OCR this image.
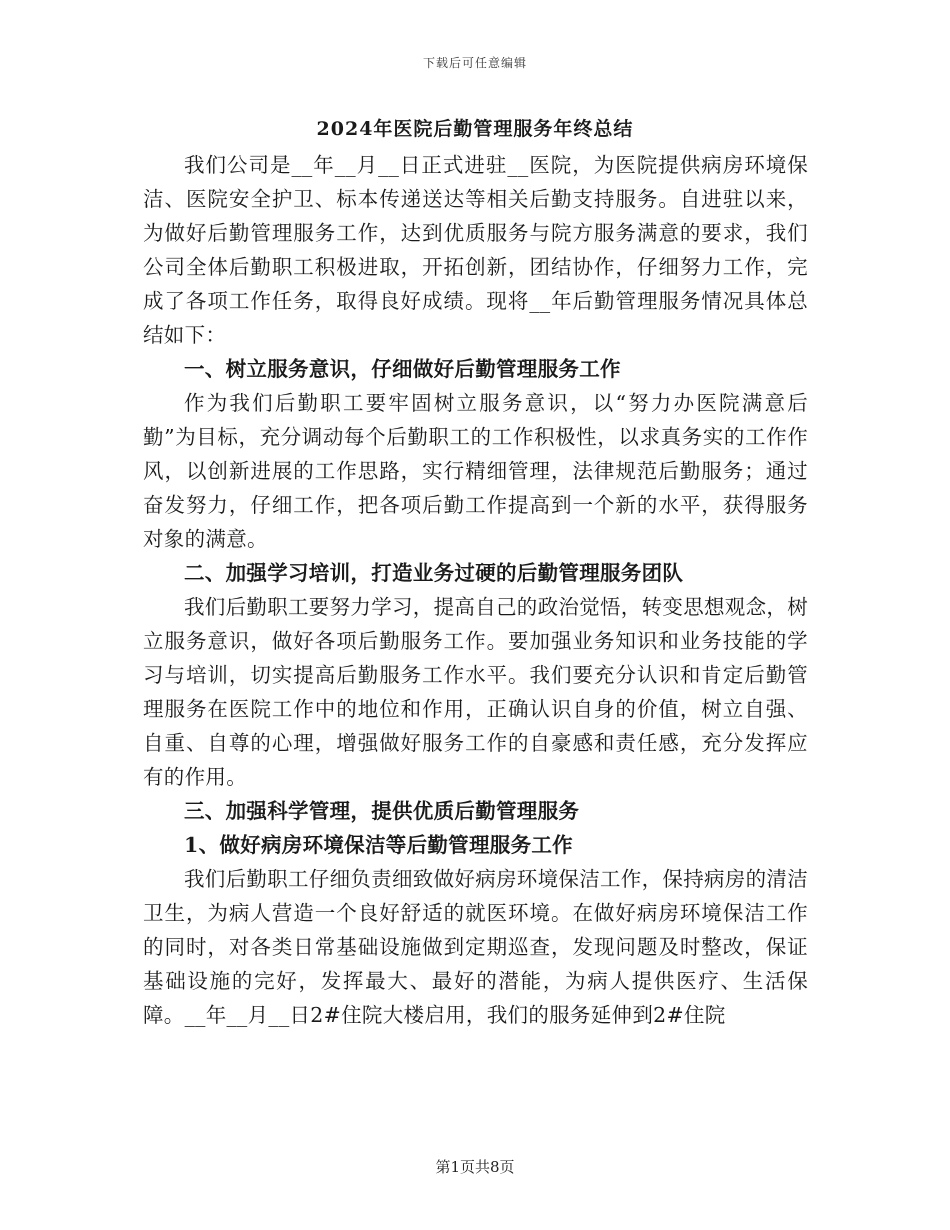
下载后可任意编辑
2024年医院后勤管理服务年终总结

我们公司是__年__月__日正式进驻__医院，为医院提供病房环境保洁、医院安全护卫、标本传递送达等相关后勤支持服务。自进驻以来，为做好后勤管理服务工作，达到优质服务与院方服务满意的要求，我们公司全体后勤职工积极进取，开拓创新，团结协作，仔细努力工作，完成了各项工作任务，取得良好成绩。现将__年后勤管理服务情况具体总结如下：

一、树立服务意识，仔细做好后勤管理服务工作

作为我们后勤职工要牢固树立服务意识，以“努力办医院满意后勤”为目标，充分调动每个后勤职工的工作积极性，以求真务实的工作作风，以创新进展的工作思路，实行精细管理，法律规范后勤服务；通过奋发努力，仔细工作，把各项后勤工作提高到一个新的水平，获得服务对象的满意。

二、加强学习培训，打造业务过硬的后勤管理服务团队

我们后勤职工要努力学习，提高自己的政治觉悟，转变思想观念，树立服务意识，做好各项后勤服务工作。要加强业务知识和业务技能的学习与培训，切实提高后勤服务工作水平。我们要充分认识和肯定后勤管理服务在医院工作中的地位和作用，正确认识自身的价值，树立自强、自重、自尊的心理，增强做好服务工作的自豪感和责任感，充分发挥应有的作用。

三、加强科学管理，提供优质后勤管理服务

1、做好病房环境保洁等后勤管理服务工作

我们后勤职工仔细负责细致做好病房环境保洁工作，保持病房的清洁卫生，为病人营造一个良好舒适的就医环境。在做好病房环境保洁工作的同时，对各类日常基础设施做到定期巡查，发现问题及时整改，保证基础设施的完好，发挥最大、最好的潜能，为病人提供医疗、生活保障。__年__月__日2#住院大楼启用，我们的服务延伸到2#住院

第1页共8页
